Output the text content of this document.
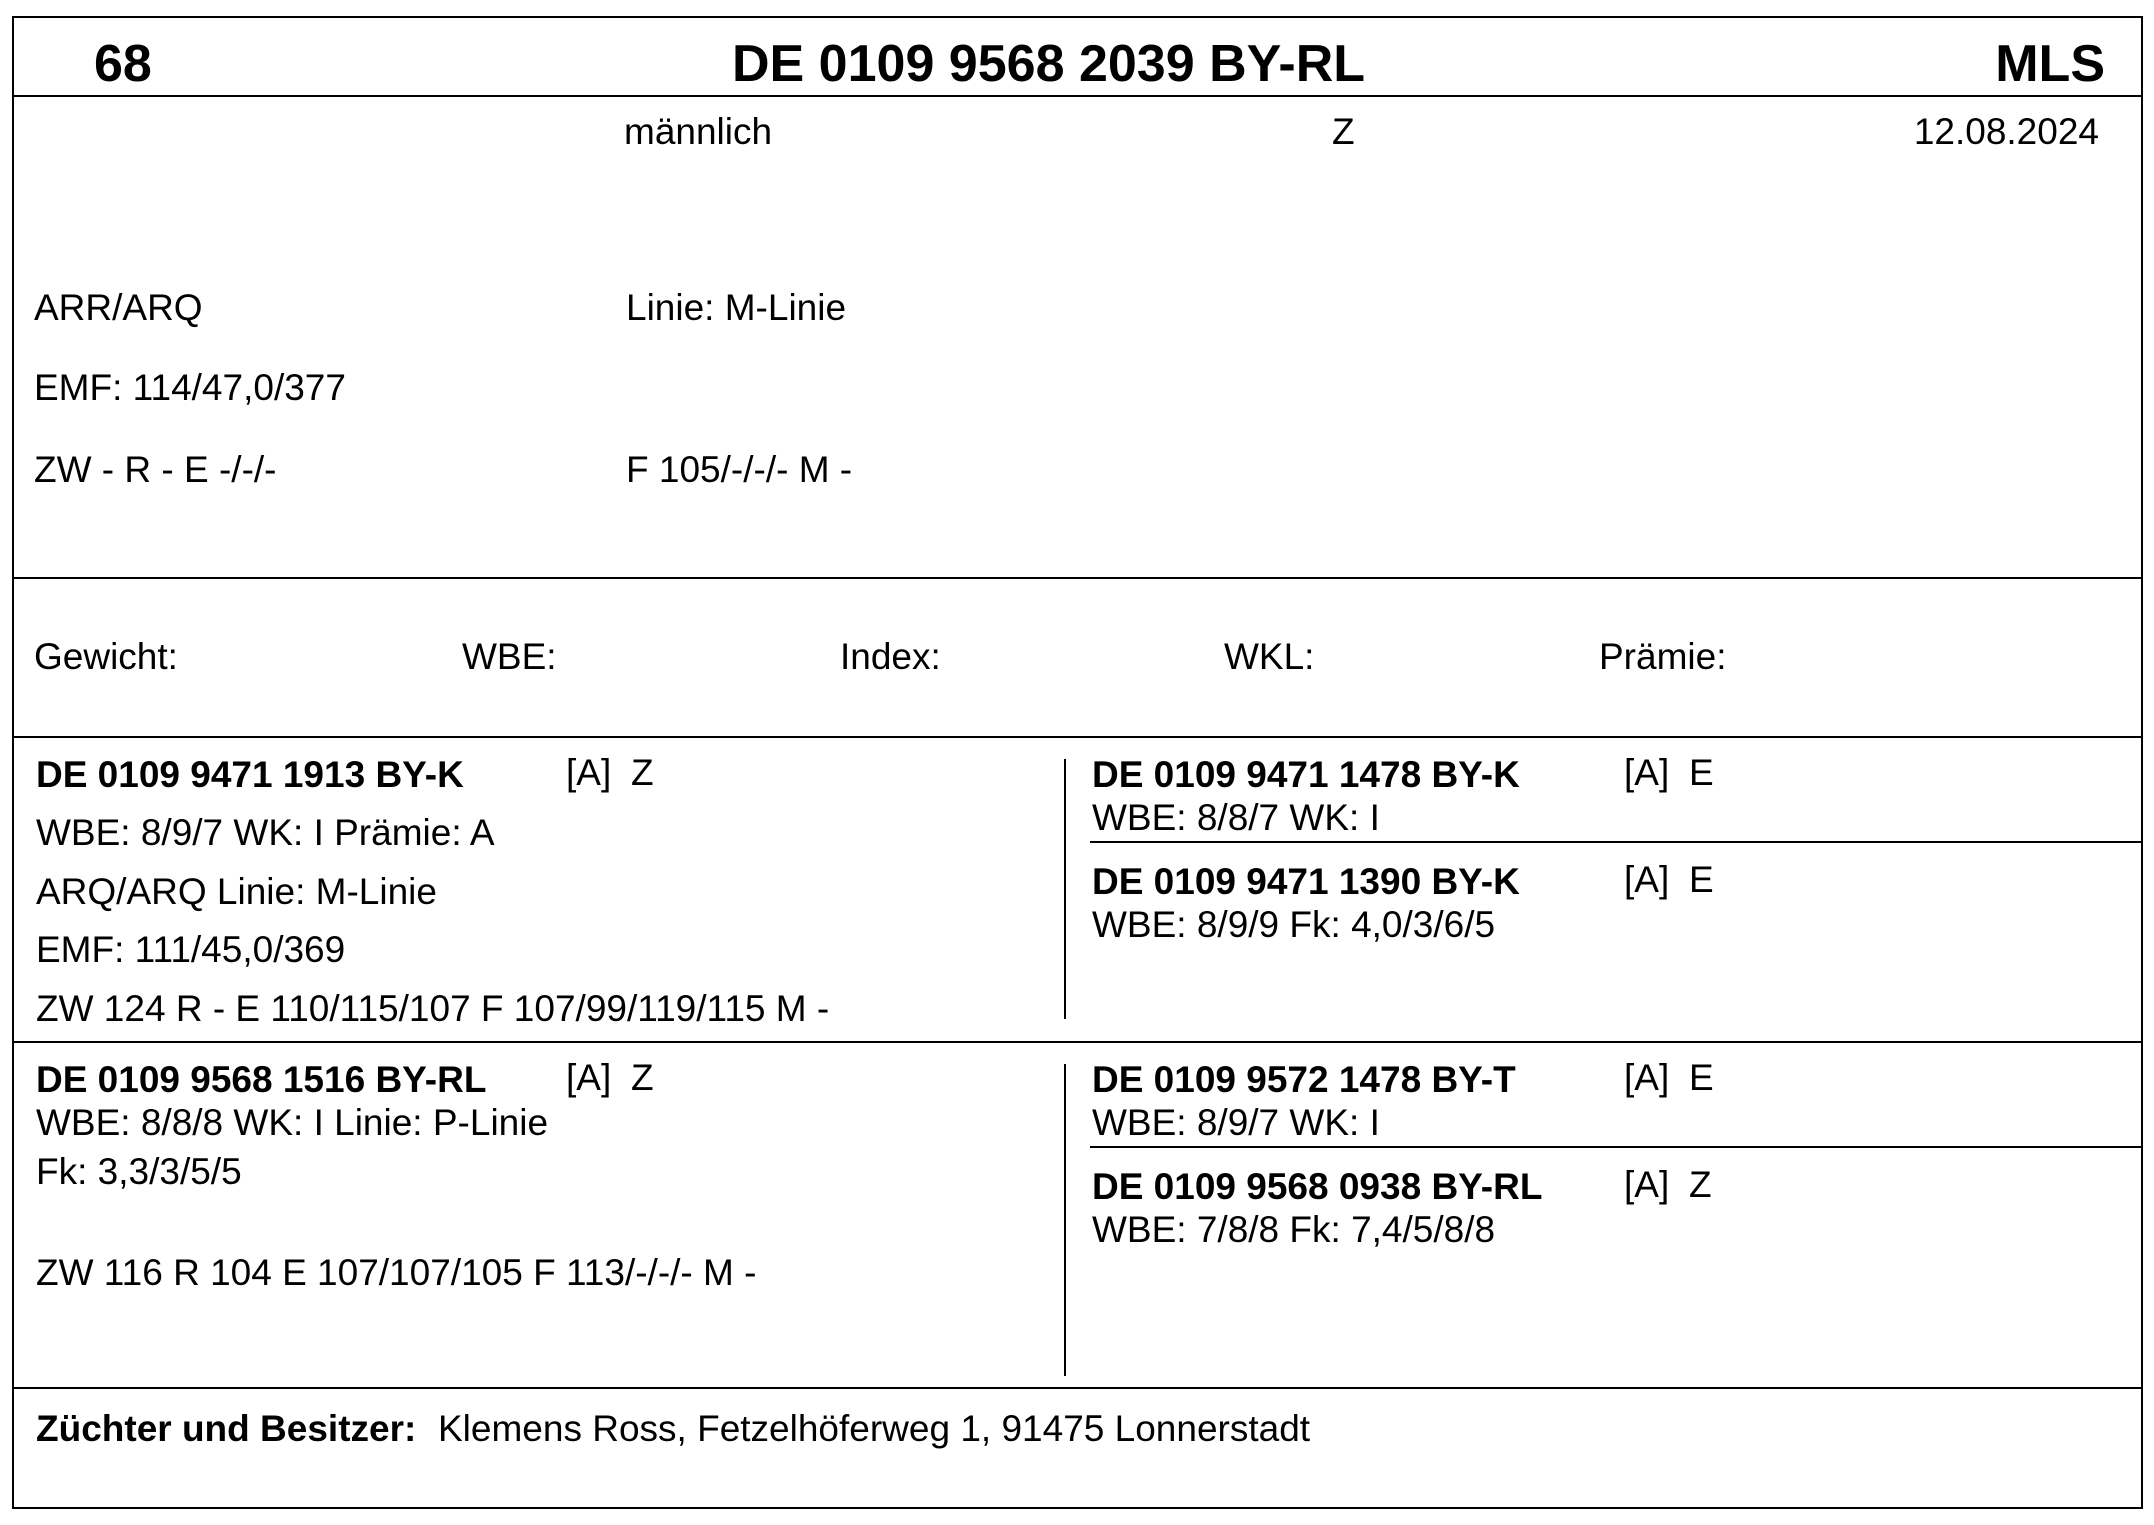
68	DE 0109 9568 2039 BY-RL	MLS
männlich	Z	12.08.2024
ARR/ARQ	Linie: M-Linie
EMF: 114/47,0/377
ZW - R - E -/-/-	F 105/-/-/- M -
Gewicht:	WBE:	Index:	WKL:	Prämie:
DE 0109 9471 1913 BY-K	[A] Z
WBE: 8/9/7 WK: I Prämie: A
ARQ/ARQ Linie: M-Linie
EMF: 111/45,0/369
ZW 124 R - E 110/115/107 F 107/99/119/115 M -
DE 0109 9471 1478 BY-K	[A] E
WBE: 8/8/7 WK: I
DE 0109 9471 1390 BY-K	[A] E
WBE: 8/9/9 Fk: 4,0/3/6/5
DE 0109 9568 1516 BY-RL [A] Z
WBE: 8/8/8 WK: I Linie: P-Linie
Fk: 3,3/3/5/5
ZW 116 R 104 E 107/107/105 F 113/-/-/- M -
DE 0109 9572 1478 BY-T	[A] E
WBE: 8/9/7 WK: I
DE 0109 9568 0938 BY-RL [A] Z
WBE: 7/8/8 Fk: 7,4/5/8/8
Züchter und Besitzer: Klemens Ross, Fetzelhöferweg 1, 91475 Lonnerstadt
